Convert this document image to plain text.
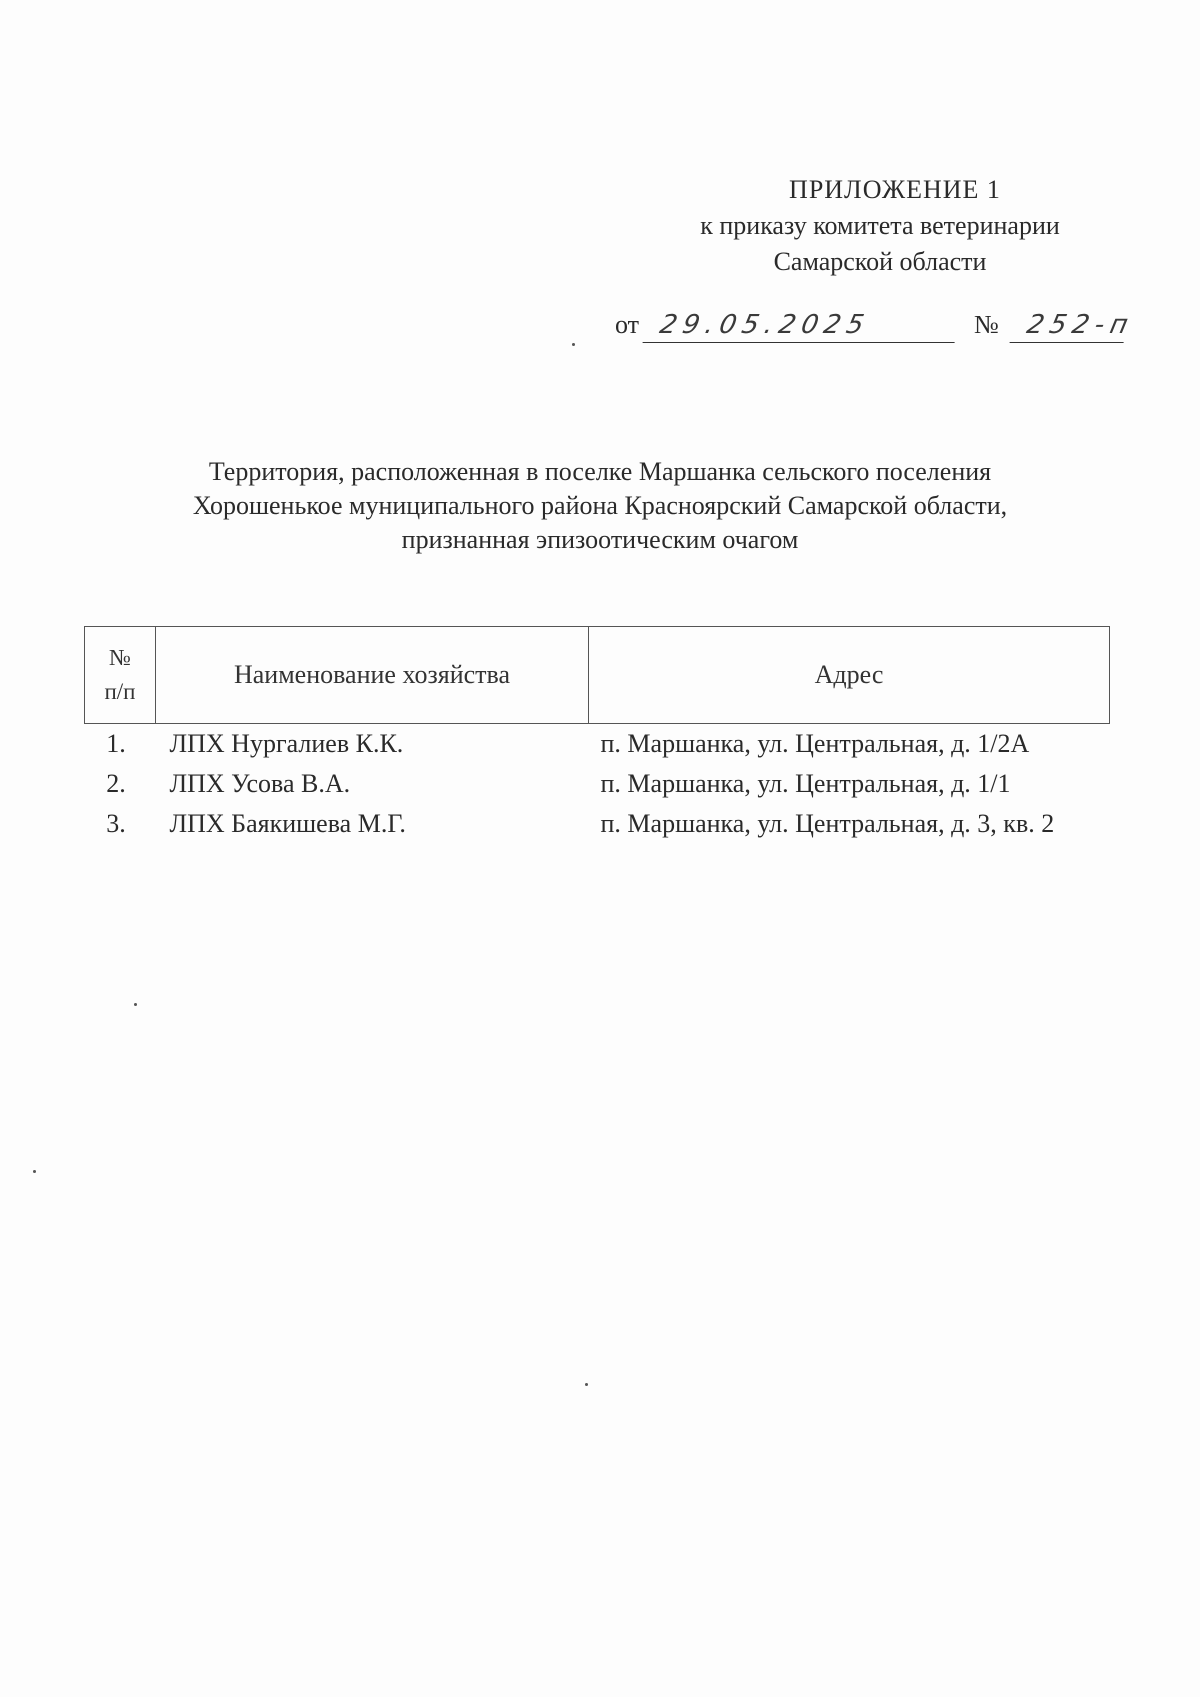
ПРИЛОЖЕНИЕ 1
к приказу комитета ветеринарии
Самарской области
от 29.05.2025	№ 252-п
Территория, расположенная в поселке Маршанка сельского поселения
Хорошенькое муниципального района Красноярский Самарской области,
признанная эпизоотическим очагом
№
п/п	Наименование хозяйства	Адрес
1.	ЛПХ Нургалиев К.К.	п. Маршанка, ул. Центральная, д. 1/2А
2.	ЛПХ Усова В.А.	п. Маршанка, ул. Центральная, д. 1/1
3.	ЛПХ Баякишева М.Г.	п. Маршанка, ул. Центральная, д. 3, кв. 2
